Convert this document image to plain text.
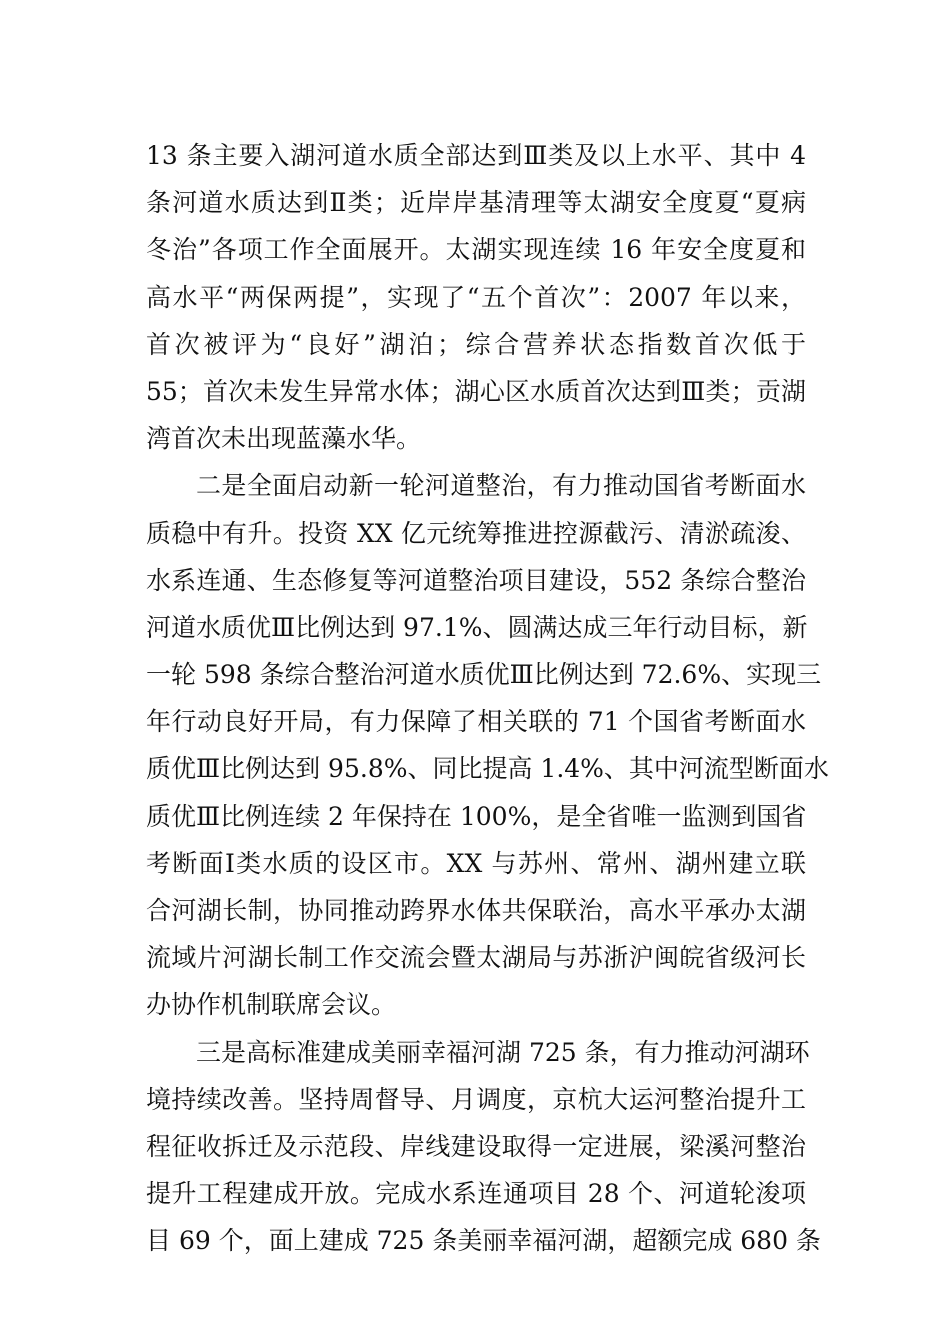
13 条主要入湖河道水质全部达到Ⅲ类及以上水平、其中 4
条河道水质达到Ⅱ类；近岸岸基清理等太湖安全度夏“夏病
冬治”各项工作全面展开。太湖实现连续 16 年安全度夏和
高水平“两保两提”，实现了“五个首次”：2007 年以来，
首次被评为“良好”湖泊；综合营养状态指数首次低于
55；首次未发生异常水体；湖心区水质首次达到Ⅲ类；贡湖
湾首次未出现蓝藻水华。
二是全面启动新一轮河道整治，有力推动国省考断面水
质稳中有升。投资 XX 亿元统筹推进控源截污、清淤疏浚、
水系连通、生态修复等河道整治项目建设，552 条综合整治
河道水质优Ⅲ比例达到 97.1%、圆满达成三年行动目标，新
一轮 598 条综合整治河道水质优Ⅲ比例达到 72.6%、实现三
年行动良好开局，有力保障了相关联的 71 个国省考断面水
质优Ⅲ比例达到 95.8%、同比提高 1.4%、其中河流型断面水
质优Ⅲ比例连续 2 年保持在 100%，是全省唯一监测到国省
考断面Ⅰ类水质的设区市。XX 与苏州、常州、湖州建立联
合河湖长制，协同推动跨界水体共保联治，高水平承办太湖
流域片河湖长制工作交流会暨太湖局与苏浙沪闽皖省级河长
办协作机制联席会议。
三是高标准建成美丽幸福河湖 725 条，有力推动河湖环
境持续改善。坚持周督导、月调度，京杭大运河整治提升工
程征收拆迁及示范段、岸线建设取得一定进展，梁溪河整治
提升工程建成开放。完成水系连通项目 28 个、河道轮浚项
目 69 个，面上建成 725 条美丽幸福河湖，超额完成 680 条
